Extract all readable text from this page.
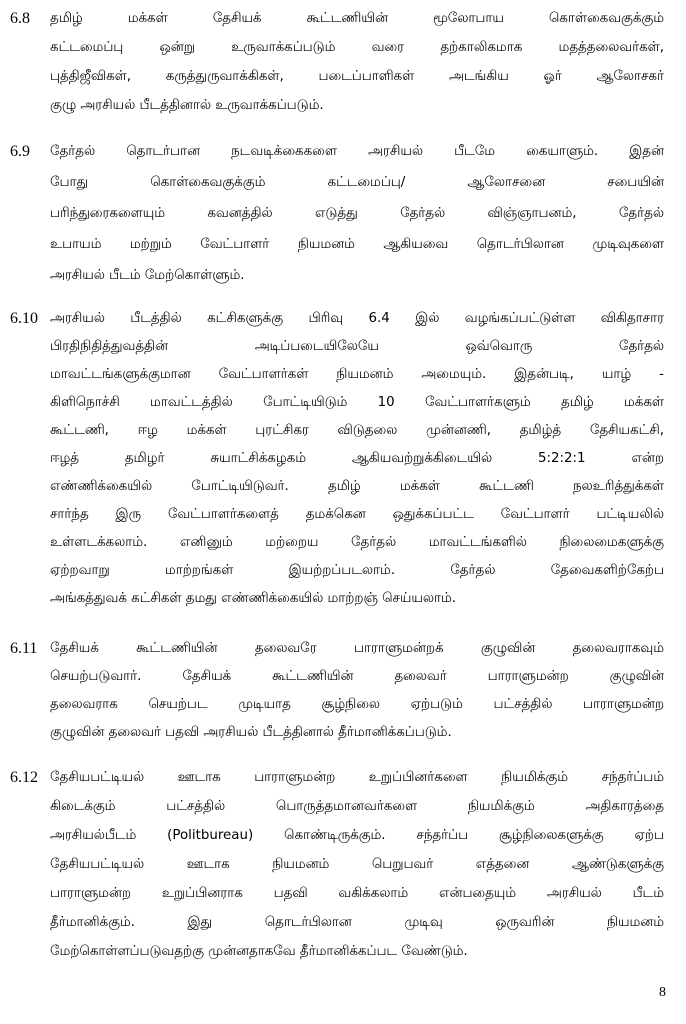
6.8 தமிழ் மக்கள் தேசியக் கூட்டணியின் மூலோபாய கொள்கைவகுக்கும்
கட்டமைப்பு ஒன்று உருவாக்கப்படும் வரை தற்காலிகமாக மதத்தலைவர்கள்,
புத்திஜீவிகள், கருத்துருவாக்கிகள், படைப்பாளிகள் அடங்கிய ஓர் ஆலோசகர்
குழு அரசியல் பீடத்தினால் உருவாக்கப்படும்.
6.9 தேர்தல் தொடர்பான நடவடிக்கைகளை அரசியல் பீடமே கையாளும். இதன்
போது கொள்கைவகுக்கும் கட்டமைப்பு/ ஆலோசனை சபையின்
பரிந்துரைகளையும் கவனத்தில் எடுத்து தேர்தல் விஞ்ஞாபனம், தேர்தல்
உபாயம் மற்றும் வேட்பாளர் நியமனம் ஆகியவை தொடர்பிலான முடிவுகளை
அரசியல் பீடம் மேற்கொள்ளும்.
6.10 அரசியல் பீடத்தில் கட்சிகளுக்கு பிரிவு 6.4 இல் வழங்கப்பட்டுள்ள விகிதாசார
பிரதிநிதித்துவத்தின் அடிப்படையிலேயே ஒவ்வொரு தேர்தல்
மாவட்டங்களுக்குமான வேட்பாளர்கள் நியமனம் அமையும். இதன்படி, யாழ் -
கிளிநொச்சி மாவட்டத்தில் போட்டியிடும் 10 வேட்பாளர்களும் தமிழ் மக்கள்
கூட்டணி, ஈழ மக்கள் புரட்சிகர விடுதலை முன்னணி, தமிழ்த் தேசியகட்சி,
ஈழத் தமிழர் சுயாட்சிக்கழகம் ஆகியவற்றுக்கிடையில் 5:2:2:1 என்ற
எண்ணிக்கையில் போட்டியிடுவர். தமிழ் மக்கள் கூட்டணி நலஉரித்துக்கள்
சார்ந்த இரு வேட்பாளர்களைத் தமக்கென ஒதுக்கப்பட்ட வேட்பாளர் பட்டியலில்
உள்ளடக்கலாம். எனினும் மற்றைய தேர்தல் மாவட்டங்களில் நிலைமைகளுக்கு
ஏற்றவாறு மாற்றங்கள் இயற்றப்படலாம். தேர்தல் தேவைகளிற்கேற்ப
அங்கத்துவக் கட்சிகள் தமது எண்ணிக்கையில் மாற்றஞ் செய்யலாம்.
6.11 தேசியக் கூட்டணியின் தலைவரே பாராளுமன்றக் குழுவின் தலைவராகவும்
செயற்படுவார். தேசியக் கூட்டணியின் தலைவர் பாராளுமன்ற குழுவின்
தலைவராக செயற்பட முடியாத சூழ்நிலை ஏற்படும் பட்சத்தில் பாராளுமன்ற
குழுவின் தலைவர் பதவி அரசியல் பீடத்தினால் தீர்மானிக்கப்படும்.
6.12 தேசியபட்டியல் ஊடாக பாராளுமன்ற உறுப்பினர்களை நியமிக்கும் சந்தர்ப்பம்
கிடைக்கும் பட்சத்தில் பொருத்தமானவர்களை நியமிக்கும் அதிகாரத்தை
அரசியல்பீடம் (Politbureau) கொண்டிருக்கும். சந்தர்ப்ப சூழ்நிலைகளுக்கு ஏற்ப
தேசியபட்டியல் ஊடாக நியமனம் பெறுபவர் எத்தனை ஆண்டுகளுக்கு
பாராளுமன்ற உறுப்பினராக பதவி வகிக்கலாம் என்பதையும் அரசியல் பீடம்
தீர்மானிக்கும். இது தொடர்பிலான முடிவு ஒருவரின் நியமனம்
மேற்கொள்ளப்படுவதற்கு முன்னதாகவே தீர்மானிக்கப்பட வேண்டும்.
8
